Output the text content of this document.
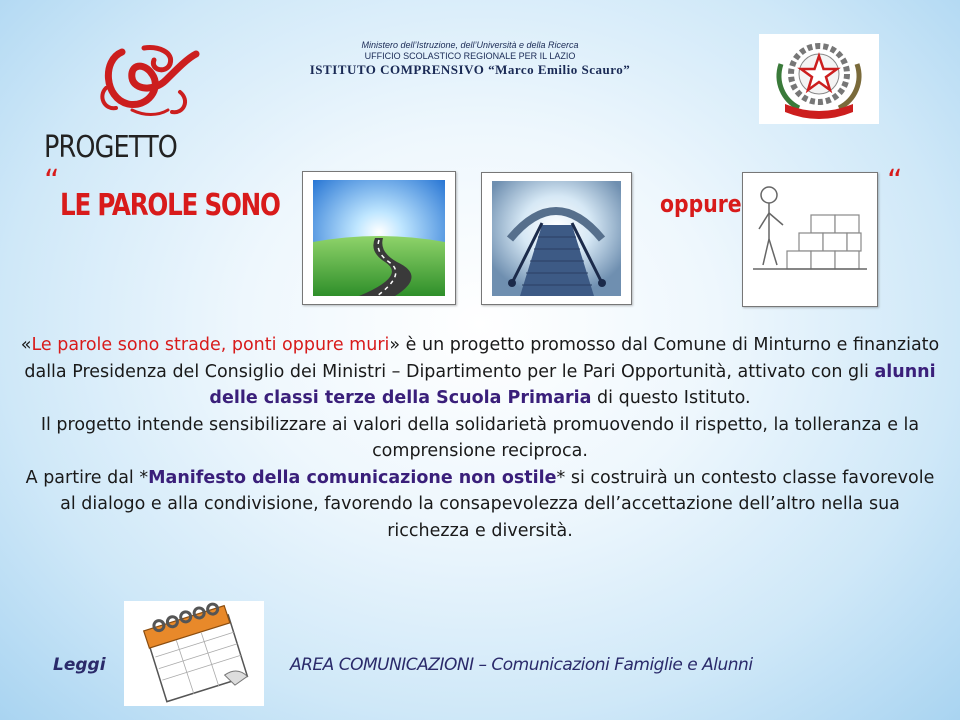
Ministero dell’Istruzione, dell’Università e della Ricerca
UFFICIO SCOLASTICO REGIONALE PER IL LAZIO
ISTITUTO COMPRENSIVO “Marco Emilio Scauro”
PROGETTO
“
LE PAROLE SONO	oppure
“

«Le parole sono strade, ponti oppure muri» è un progetto promosso dal Comune di Minturno e finanziato dalla Presidenza del Consiglio dei Ministri – Dipartimento per le Pari Opportunità, attivato con gli alunni delle classi terze della Scuola Primaria di questo Istituto.

Il progetto intende sensibilizzare ai valori della solidarietà promuovendo il rispetto, la tolleranza e la comprensione reciproca.

A partire dal *Manifesto della comunicazione non ostile* si costruirà un contesto classe favorevole al dialogo e alla condivisione, favorendo la consapevolezza dell’accettazione dell’altro nella sua ricchezza e diversità.

Leggi	AREA COMUNICAZIONI – Comunicazioni Famiglie e Alunni
